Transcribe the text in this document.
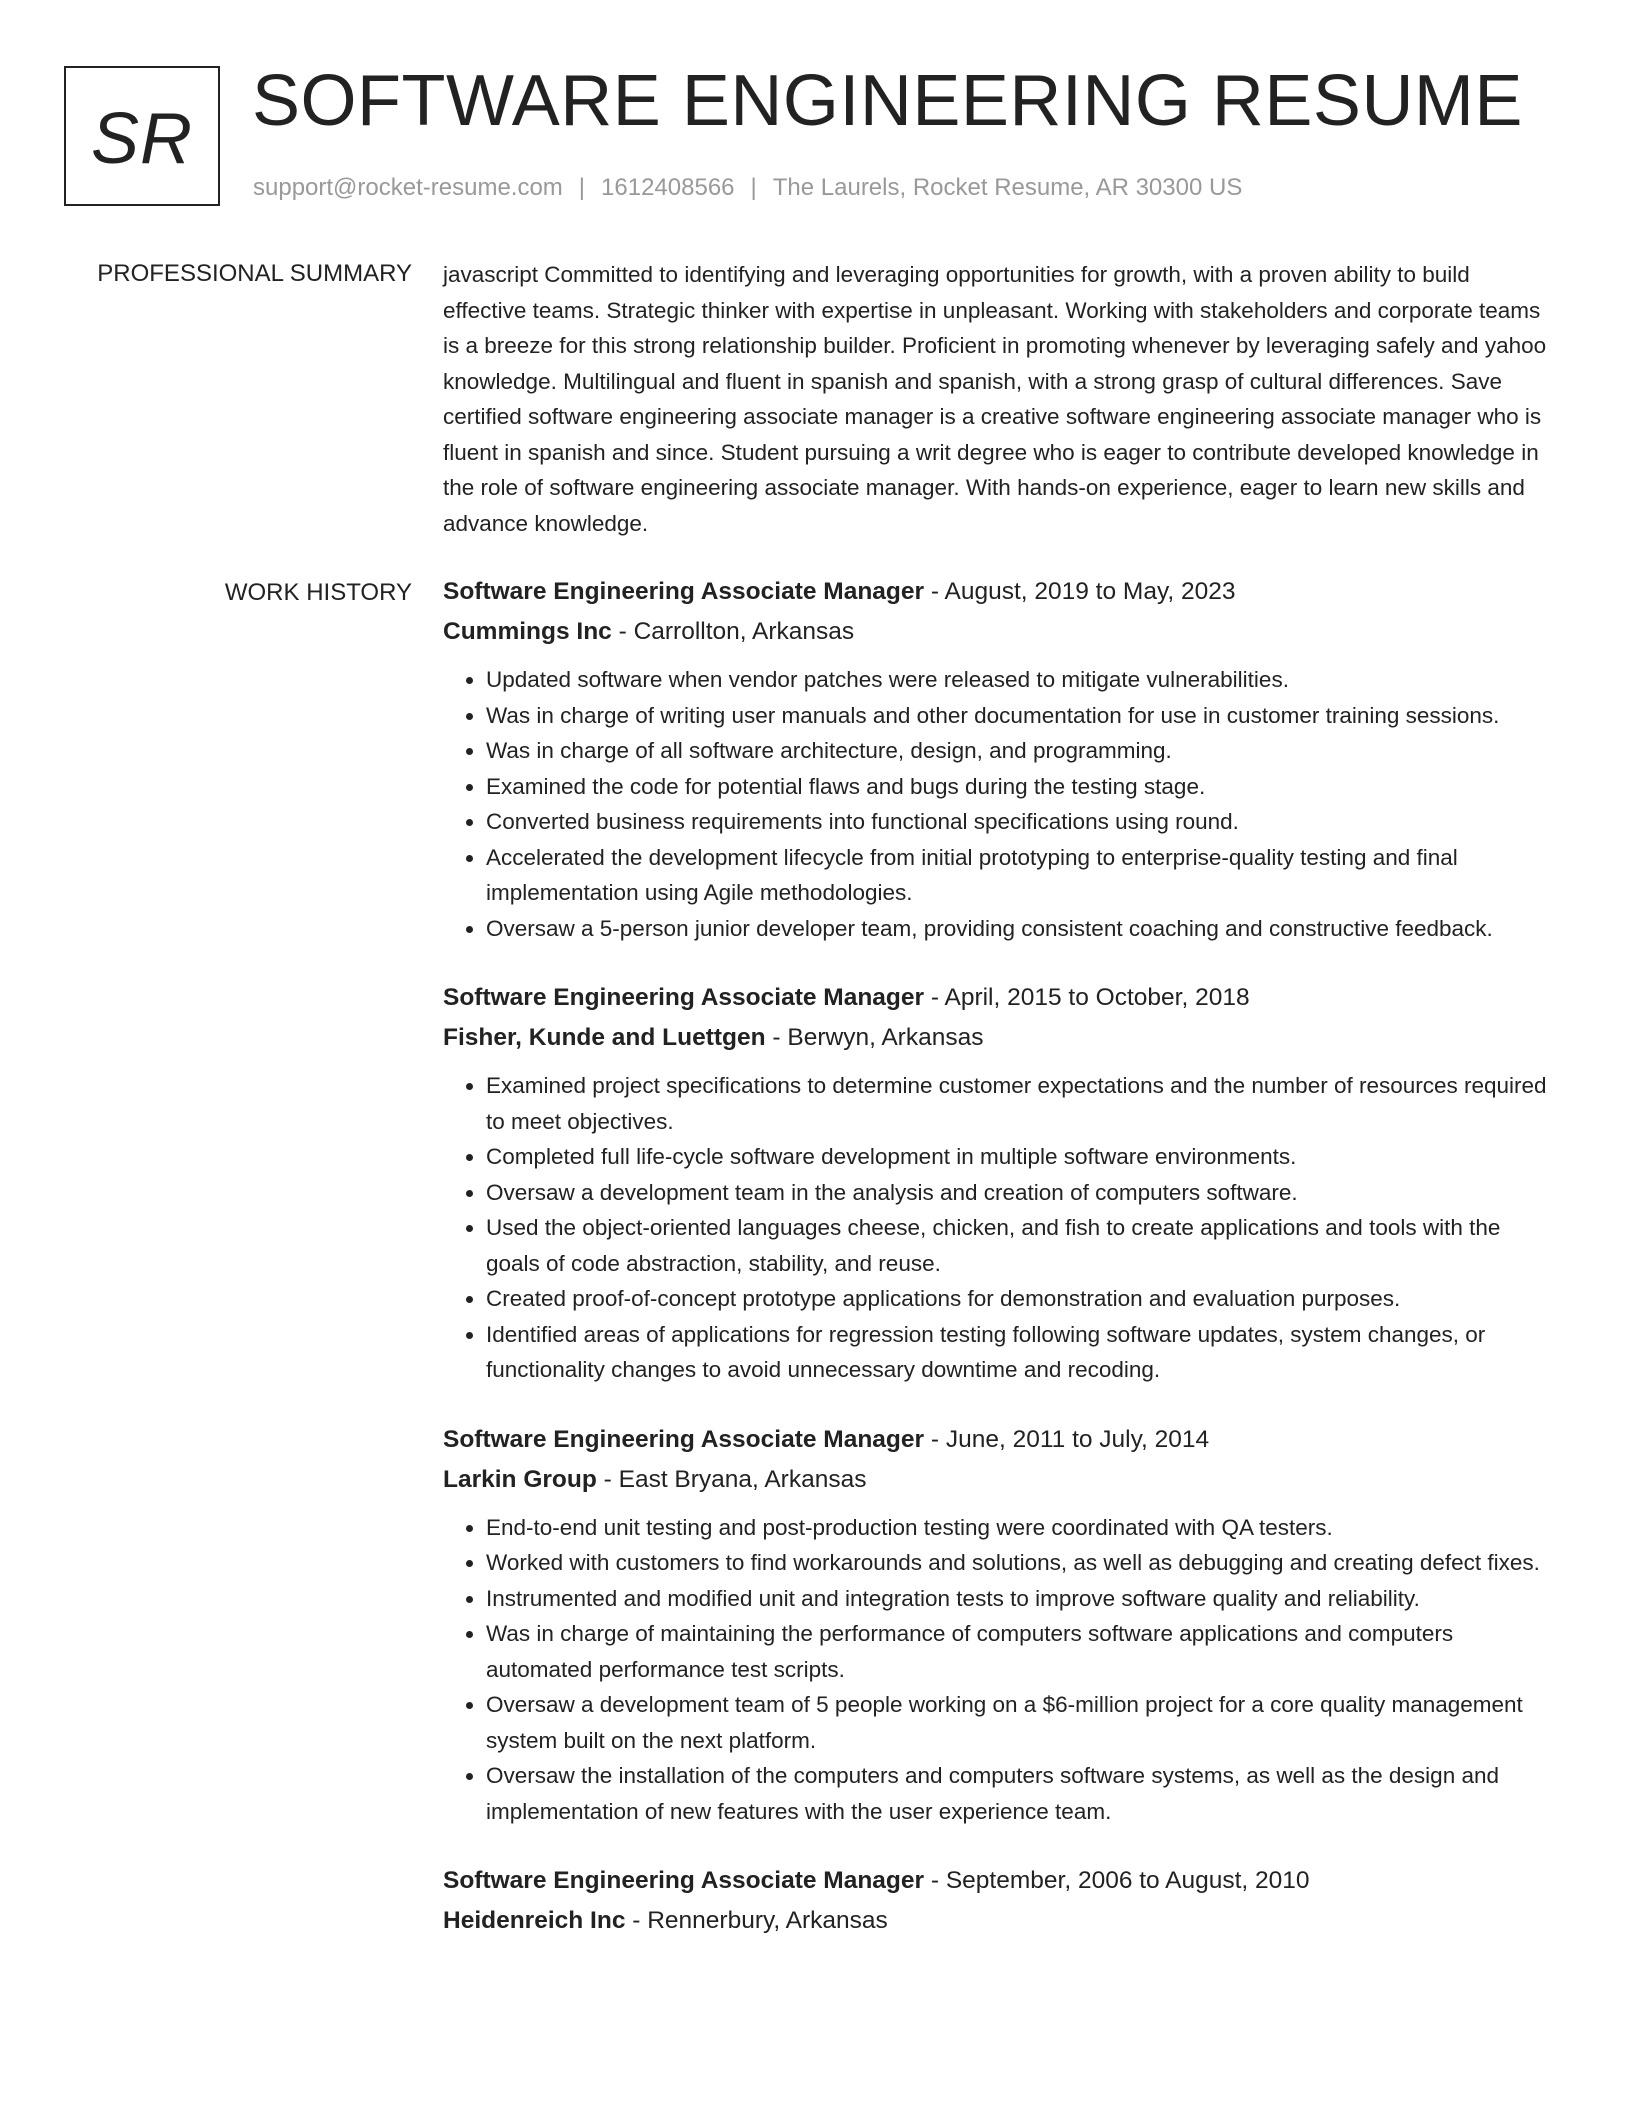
SR SOFTWARE ENGINEERING RESUME
support@rocket-resume.com | 1612408566 | The Laurels, Rocket Resume, AR 30300 US
PROFESSIONAL SUMMARY javascript Committed to identifying and leveraging opportunities for growth, with a proven ability to build effective teams. Strategic thinker with expertise in unpleasant. Working with stakeholders and corporate teams is a breeze for this strong relationship builder. Proficient in promoting whenever by leveraging safely and yahoo knowledge. Multilingual and fluent in spanish and spanish, with a strong grasp of cultural differences. Save certified software engineering associate manager is a creative software engineering associate manager who is fluent in spanish and since. Student pursuing a writ degree who is eager to contribute developed knowledge in the role of software engineering associate manager. With hands-on experience, eager to learn new skills and advance knowledge.

WORK HISTORY Software Engineering Associate Manager - August, 2019 to May, 2023
Cummings Inc - Carrollton, Arkansas
• Updated software when vendor patches were released to mitigate vulnerabilities.
• Was in charge of writing user manuals and other documentation for use in customer training sessions.
• Was in charge of all software architecture, design, and programming.
• Examined the code for potential flaws and bugs during the testing stage.
• Converted business requirements into functional specifications using round.
• Accelerated the development lifecycle from initial prototyping to enterprise-quality testing and final implementation using Agile methodologies.
• Oversaw a 5-person junior developer team, providing consistent coaching and constructive feedback.
Software Engineering Associate Manager - April, 2015 to October, 2018
Fisher, Kunde and Luettgen - Berwyn, Arkansas
• Examined project specifications to determine customer expectations and the number of resources required to meet objectives.
• Completed full life-cycle software development in multiple software environments.
• Oversaw a development team in the analysis and creation of computers software.
• Used the object-oriented languages cheese, chicken, and fish to create applications and tools with the goals of code abstraction, stability, and reuse.
• Created proof-of-concept prototype applications for demonstration and evaluation purposes.
• Identified areas of applications for regression testing following software updates, system changes, or functionality changes to avoid unnecessary downtime and recoding.
Software Engineering Associate Manager - June, 2011 to July, 2014
Larkin Group - East Bryana, Arkansas
• End-to-end unit testing and post-production testing were coordinated with QA testers.
• Worked with customers to find workarounds and solutions, as well as debugging and creating defect fixes.
• Instrumented and modified unit and integration tests to improve software quality and reliability.
• Was in charge of maintaining the performance of computers software applications and computers automated performance test scripts.
• Oversaw a development team of 5 people working on a $6-million project for a core quality management system built on the next platform.
• Oversaw the installation of the computers and computers software systems, as well as the design and implementation of new features with the user experience team.
Software Engineering Associate Manager - September, 2006 to August, 2010
Heidenreich Inc - Rennerbury, Arkansas
